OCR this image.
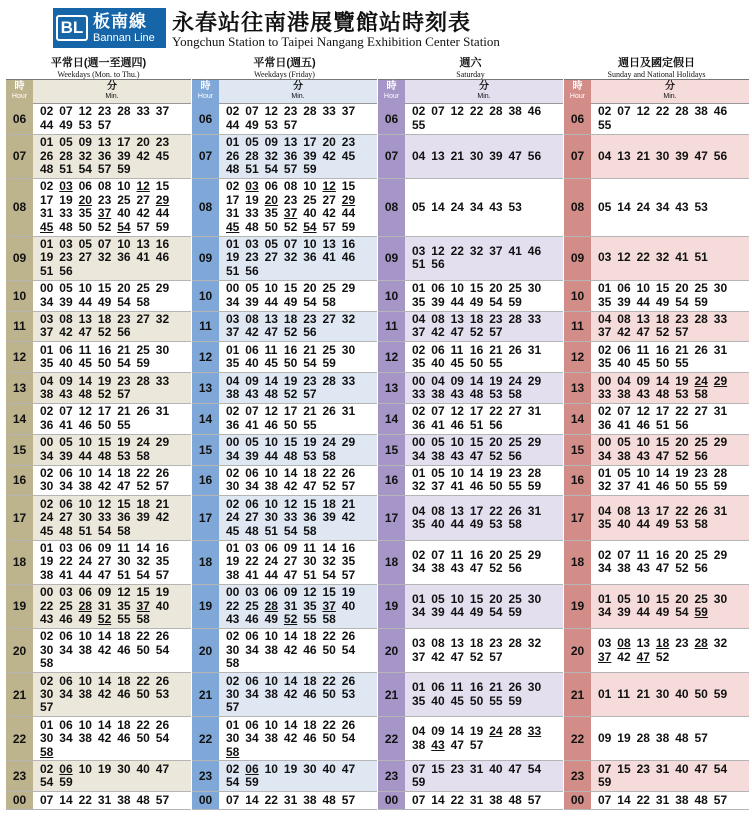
BL 板南線
Bannan Line
永春站往南港展覽館站時刻表
Yongchun Station to Taipei Nangang Exhibition Center Station
平常日(週一至週四)
Weekdays (Mon. to Thu.)
時
Hour
分
Min.
06
02 07 12 23 28 33 37
44 49 53 57
07
01 05 09 13 17 20 23
26 28 32 36 39 42 45
48 51 54 57 59
08
02 03 06 08 10 12 15
17 19 20 23 25 27 29
31 33 35 37 40 42 44
45 48 50 52 54 57 59
09
01 03 05 07 10 13 16
19 23 27 32 36 41 46
51 56
10
00 05 10 15 20 25 29
34 39 44 49 54 58
11
03 08 13 18 23 27 32
37 42 47 52 56
12
01 06 11 16 21 25 30
35 40 45 50 54 59
13
04 09 14 19 23 28 33
38 43 48 52 57
14
02 07 12 17 21 26 31
36 41 46 50 55
15
00 05 10 15 19 24 29
34 39 44 48 53 58
16
02 06 10 14 18 22 26
30 34 38 42 47 52 57
17
02 06 10 12 15 18 21
24 27 30 33 36 39 42
45 48 51 54 58
18
01 03 06 09 11 14 16
19 22 24 27 30 32 35
38 41 44 47 51 54 57
19
00 03 06 09 12 15 19
22 25 28 31 35 37 40
43 46 49 52 55 58
20
02 06 10 14 18 22 26
30 34 38 42 46 50 54
58
21
02 06 10 14 18 22 26
30 34 38 42 46 50 53
57
22
01 06 10 14 18 22 26
30 34 38 42 46 50 54
58
23
02 06 10 19 30 40 47
54 59
00	07 14 22 31 38 48 57
平常日(週五)
Weekdays (Friday)
時
Hour
分
Min.
06
02 07 12 23 28 33 37
44 49 53 57
07
01 05 09 13 17 20 23
26 28 32 36 39 42 45
48 51 54 57 59
08
02 03 06 08 10 12 15
17 19 20 23 25 27 29
31 33 35 37 40 42 44
45 48 50 52 54 57 59
09
01 03 05 07 10 13 16
19 23 27 32 36 41 46
51 56
10
00 05 10 15 20 25 29
34 39 44 49 54 58
11
03 08 13 18 23 27 32
37 42 47 52 56
12
01 06 11 16 21 25 30
35 40 45 50 54 59
13
04 09 14 19 23 28 33
38 43 48 52 57
14
02 07 12 17 21 26 31
36 41 46 50 55
15
00 05 10 15 19 24 29
34 39 44 48 53 58
16
02 06 10 14 18 22 26
30 34 38 42 47 52 57
17
02 06 10 12 15 18 21
24 27 30 33 36 39 42
45 48 51 54 58
18
01 03 06 09 11 14 16
19 22 24 27 30 32 35
38 41 44 47 51 54 57
19
00 03 06 09 12 15 19
22 25 28 31 35 37 40
43 46 49 52 55 58
20
02 06 10 14 18 22 26
30 34 38 42 46 50 54
58
21
02 06 10 14 18 22 26
30 34 38 42 46 50 53
57
22
01 06 10 14 18 22 26
30 34 38 42 46 50 54
58
23
02 06 10 19 30 40 47
54 59
00	07 14 22 31 38 48 57
週六
Saturday
時
Hour
分
Min.
06
02 07 12 22 28 38 46
55
07	04 13 21 30 39 47 56
08	05 14 24 34 43 53
09
03 12 22 32 37 41 46
51 56
10
01 06 10 15 20 25 30
35 39 44 49 54 59
11
04 08 13 18 23 28 33
37 42 47 52 57
12
02 06 11 16 21 26 31
35 40 45 50 55
13
00 04 09 14 19 24 29
33 38 43 48 53 58
14
02 07 12 17 22 27 31
36 41 46 51 56
15
00 05 10 15 20 25 29
34 38 43 47 52 56
16
01 05 10 14 19 23 28
32 37 41 46 50 55 59
17
04 08 13 17 22 26 31
35 40 44 49 53 58
18
02 07 11 16 20 25 29
34 38 43 47 52 56
19
01 05 10 15 20 25 30
34 39 44 49 54 59
20
03 08 13 18 23 28 32
37 42 47 52 57
21
01 06 11 16 21 26 30
35 40 45 50 55 59
22
04 09 14 19 24 28 33
38 43 47 57
23
07 15 23 31 40 47 54
59
00	07 14 22 31 38 48 57
週日及國定假日
Sunday and National Holidays
時
Hour
分
Min.
06
02 07 12 22 28 38 46
55
07	04 13 21 30 39 47 56
08	05 14 24 34 43 53
09	03 12 22 32 41 51
10
01 06 10 15 20 25 30
35 39 44 49 54 59
11
04 08 13 18 23 28 33
37 42 47 52 57
12
02 06 11 16 21 26 31
35 40 45 50 55
13
00 04 09 14 19 24 29
33 38 43 48 53 58
14
02 07 12 17 22 27 31
36 41 46 51 56
15
00 05 10 15 20 25 29
34 38 43 47 52 56
16
01 05 10 14 19 23 28
32 37 41 46 50 55 59
17
04 08 13 17 22 26 31
35 40 44 49 53 58
18
02 07 11 16 20 25 29
34 38 43 47 52 56
19
01 05 10 15 20 25 30
34 39 44 49 54 59
20
03 08 13 18 23 28 32
37 42 47 52
21	01 11 21 30 40 50 59
22	09 19 28 38 48 57
23
07 15 23 31 40 47 54
59
00	07 14 22 31 38 48 57
